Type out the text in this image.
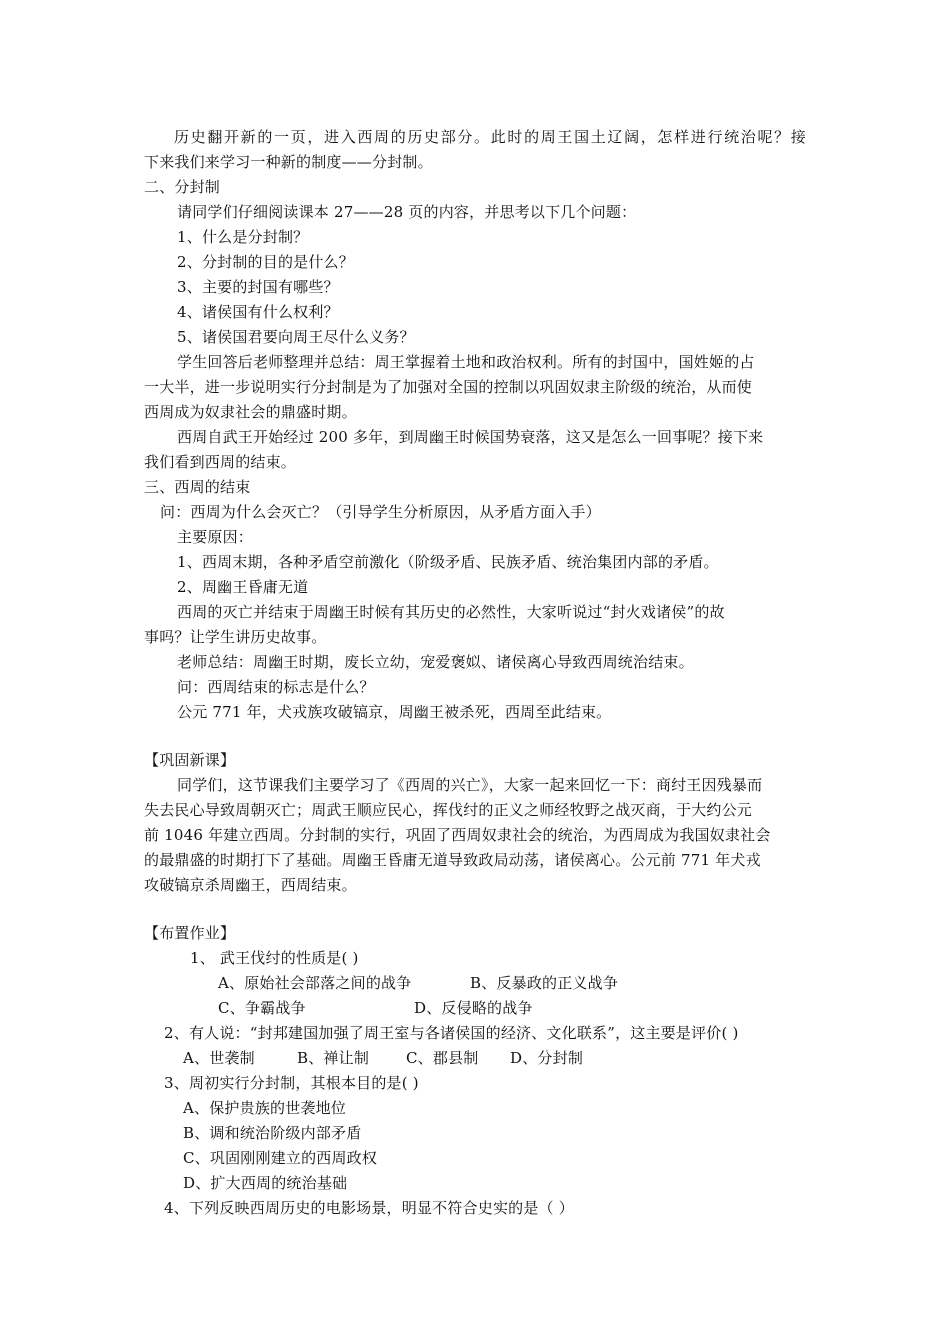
历史翻开新的一页，进入西周的历史部分。此时的周王国土辽阔，怎样进行统治呢？接
下来我们来学习一种新的制度——分封制。
二、分封制
请同学们仔细阅读课本 27——28 页的内容，并思考以下几个问题：
1、什么是分封制？
2、分封制的目的是什么？
3、主要的封国有哪些？
4、诸侯国有什么权利？
5、诸侯国君要向周王尽什么义务？
学生回答后老师整理并总结：周王掌握着土地和政治权利。所有的封国中，国姓姬的占
一大半，进一步说明实行分封制是为了加强对全国的控制以巩固奴隶主阶级的统治，从而使
西周成为奴隶社会的鼎盛时期。
西周自武王开始经过 200 多年，到周幽王时候国势衰落，这又是怎么一回事呢？接下来
我们看到西周的结束。
三、西周的结束
问：西周为什么会灭亡？（引导学生分析原因，从矛盾方面入手）
主要原因：
1、西周末期，各种矛盾空前激化（阶级矛盾、民族矛盾、统治集团内部的矛盾。
2、周幽王昏庸无道
西周的灭亡并结束于周幽王时候有其历史的必然性，大家听说过“封火戏诸侯”的故
事吗？让学生讲历史故事。
老师总结：周幽王时期，废长立幼，宠爱褒姒、诸侯离心导致西周统治结束。
问：西周结束的标志是什么？
公元 771 年，犬戎族攻破镐京，周幽王被杀死，西周至此结束。
【巩固新课】
同学们，这节课我们主要学习了《西周的兴亡》，大家一起来回忆一下：商纣王因残暴而
失去民心导致周朝灭亡；周武王顺应民心，挥伐纣的正义之师经牧野之战灭商，于大约公元
前 1046 年建立西周。分封制的实行，巩固了西周奴隶社会的统治，为西周成为我国奴隶社会
的最鼎盛的时期打下了基础。周幽王昏庸无道导致政局动荡，诸侯离心。公元前 771 年犬戎
攻破镐京杀周幽王，西周结束。
【布置作业】
1、 武王伐纣的性质是( )
A、原始社会部落之间的战争	B、反暴政的正义战争
C、争霸战争	D、反侵略的战争
2、有人说：“封邦建国加强了周王室与各诸侯国的经济、文化联系”，这主要是评价( )
A、世袭制	B、禅让制 C、郡县制 D、分封制
3、周初实行分封制，其根本目的是( )
A、保护贵族的世袭地位
B、调和统治阶级内部矛盾
C、巩固刚刚建立的西周政权
D、扩大西周的统治基础
4、下列反映西周历史的电影场景，明显不符合史实的是（ ）
